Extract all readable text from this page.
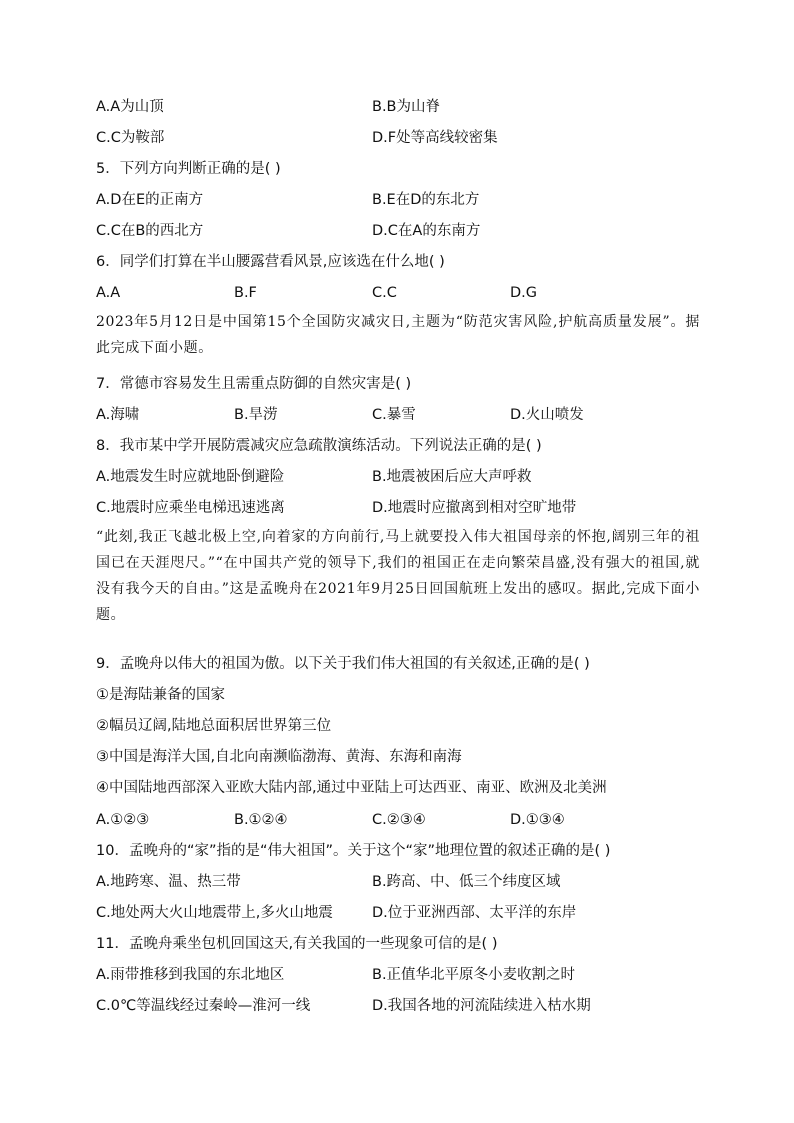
A.A为山顶	B.B为山脊
C.C为鞍部	D.F处等高线较密集
5．下列方向判断正确的是( )
A.D在E的正南方	B.E在D的东北方
C.C在B的西北方	D.C在A的东南方
6．同学们打算在半山腰露营看风景,应该选在什么地( )
A.A	B.F	C.C	D.G
2023年5月12日是中国第15个全国防灾减灾日,主题为“防范灾害风险,护航高质量发展”。据此完成下面小题。
7．常德市容易发生且需重点防御的自然灾害是( )
A.海啸	B.旱涝	C.暴雪	D.火山喷发
8．我市某中学开展防震减灾应急疏散演练活动。下列说法正确的是( )
A.地震发生时应就地卧倒避险	B.地震被困后应大声呼救
C.地震时应乘坐电梯迅速逃离	D.地震时应撤离到相对空旷地带
“此刻,我正飞越北极上空,向着家的方向前行,马上就要投入伟大祖国母亲的怀抱,阔别三年的祖国已在天涯咫尺。”“在中国共产党的领导下,我们的祖国正在走向繁荣昌盛,没有强大的祖国,就没有我今天的自由。”这是孟晚舟在2021年9月25日回国航班上发出的感叹。据此,完成下面小题。
9．孟晚舟以伟大的祖国为傲。以下关于我们伟大祖国的有关叙述,正确的是( )
①是海陆兼备的国家
②幅员辽阔,陆地总面积居世界第三位
③中国是海洋大国,自北向南濒临渤海、黄海、东海和南海
④中国陆地西部深入亚欧大陆内部,通过中亚陆上可达西亚、南亚、欧洲及北美洲
A.①②③	B.①②④	C.②③④	D.①③④
10．孟晚舟的“家”指的是“伟大祖国”。关于这个“家”地理位置的叙述正确的是( )
A.地跨寒、温、热三带	B.跨高、中、低三个纬度区域
C.地处两大火山地震带上,多火山地震	D.位于亚洲西部、太平洋的东岸
11．孟晚舟乘坐包机回国这天,有关我国的一些现象可信的是( )
A.雨带推移到我国的东北地区	B.正值华北平原冬小麦收割之时
C.0℃等温线经过秦岭—淮河一线	D.我国各地的河流陆续进入枯水期
